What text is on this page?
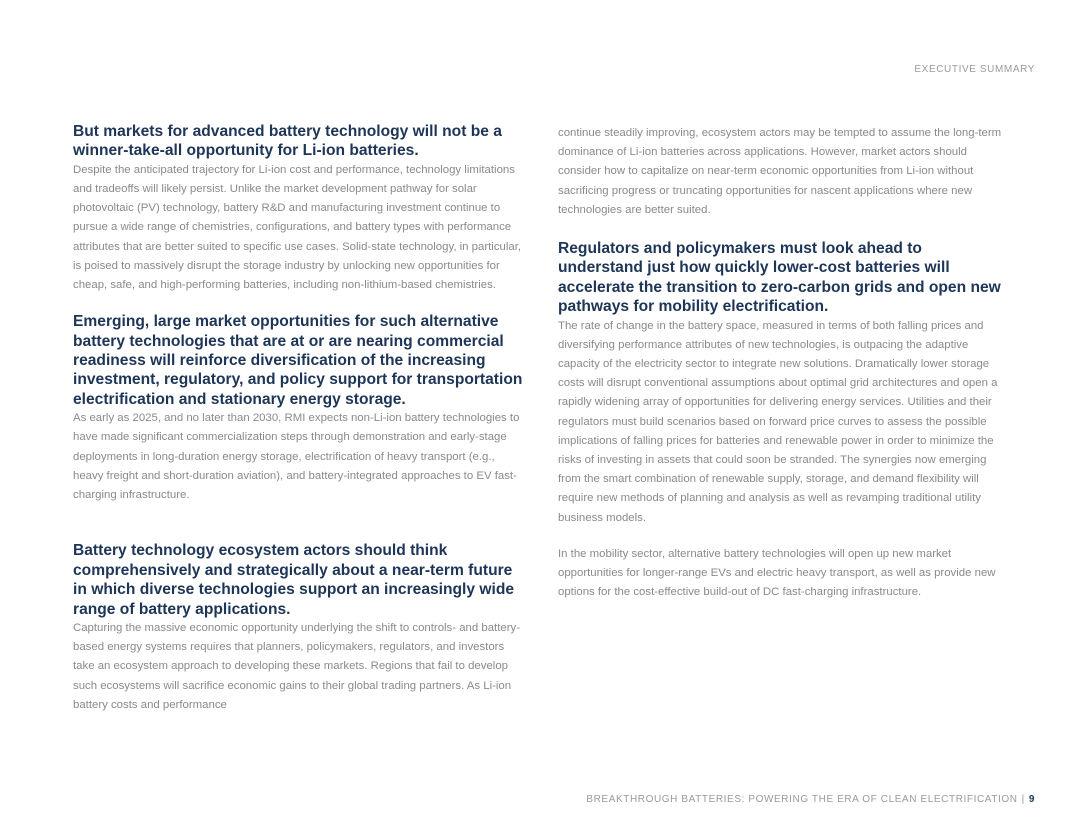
EXECUTIVE SUMMARY
But markets for advanced battery technology will not be a winner-take-all opportunity for Li-ion batteries.

Despite the anticipated trajectory for Li-ion cost and performance, technology limitations and tradeoffs will likely persist. Unlike the market development pathway for solar photovoltaic (PV) technology, battery R&D and manufacturing investment continue to pursue a wide range of chemistries, configurations, and battery types with performance attributes that are better suited to specific use cases. Solid-state technology, in particular, is poised to massively disrupt the storage industry by unlocking new opportunities for cheap, safe, and high-performing batteries, including non-lithium-based chemistries.

Emerging, large market opportunities for such alternative battery technologies that are at or are nearing commercial readiness will reinforce diversification of the increasing investment, regulatory, and policy support for transportation electrification and stationary energy storage.

As early as 2025, and no later than 2030, RMI expects non-Li-ion battery technologies to have made significant commercialization steps through demonstration and early-stage deployments in long-duration energy storage, electrification of heavy transport (e.g., heavy freight and short-duration aviation), and battery-integrated approaches to EV fast-charging infrastructure.

Battery technology ecosystem actors should think comprehensively and strategically about a near-term future in which diverse technologies support an increasingly wide range of battery applications.

Capturing the massive economic opportunity underlying the shift to controls- and battery-based energy systems requires that planners, policymakers, regulators, and investors take an ecosystem approach to developing these markets. Regions that fail to develop such ecosystems will sacrifice economic gains to their global trading partners. As Li-ion battery costs and performance

continue steadily improving, ecosystem actors may be tempted to assume the long-term dominance of Li-ion batteries across applications. However, market actors should consider how to capitalize on near-term economic opportunities from Li-ion without sacrificing progress or truncating opportunities for nascent applications where new technologies are better suited.

Regulators and policymakers must look ahead to understand just how quickly lower-cost batteries will accelerate the transition to zero-carbon grids and open new pathways for mobility electrification.

The rate of change in the battery space, measured in terms of both falling prices and diversifying performance attributes of new technologies, is outpacing the adaptive capacity of the electricity sector to integrate new solutions. Dramatically lower storage costs will disrupt conventional assumptions about optimal grid architectures and open a rapidly widening array of opportunities for delivering energy services. Utilities and their regulators must build scenarios based on forward price curves to assess the possible implications of falling prices for batteries and renewable power in order to minimize the risks of investing in assets that could soon be stranded. The synergies now emerging from the smart combination of renewable supply, storage, and demand flexibility will require new methods of planning and analysis as well as revamping traditional utility business models.

In the mobility sector, alternative battery technologies will open up new market opportunities for longer-range EVs and electric heavy transport, as well as provide new options for the cost-effective build-out of DC fast-charging infrastructure.

BREAKTHROUGH BATTERIES: POWERING THE ERA OF CLEAN ELECTRIFICATION | 9
